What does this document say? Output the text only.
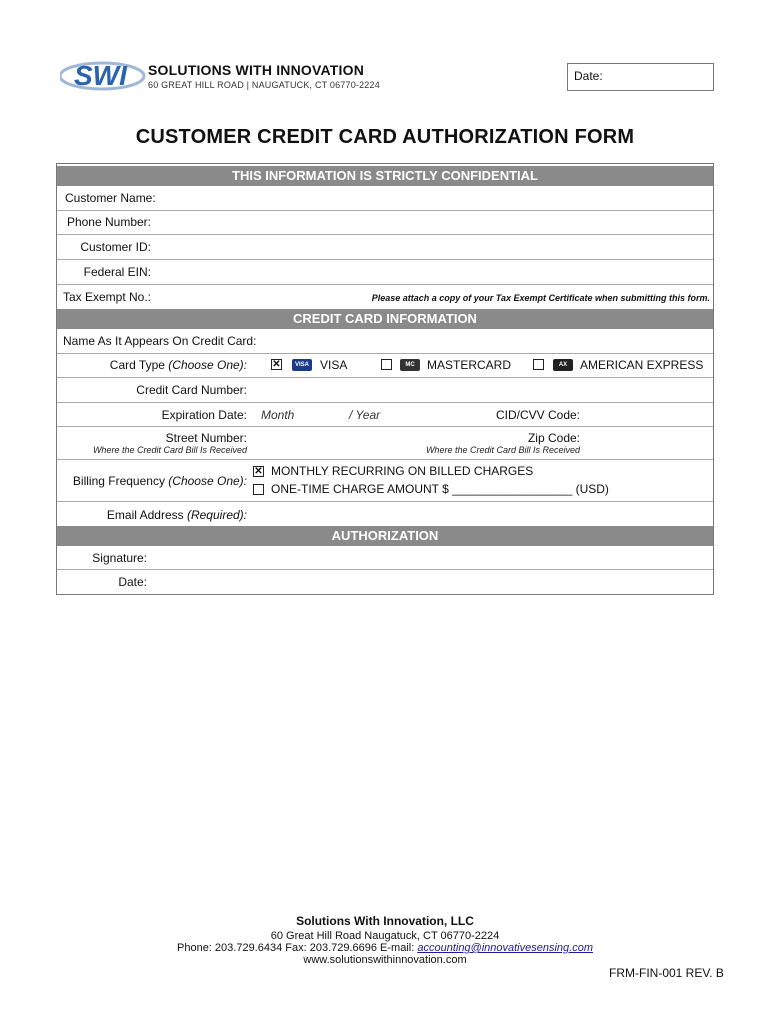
SWI SOLUTIONS WITH INNOVATION
60 GREAT HILL ROAD | NAUGATUCK, CT 06770-2224
Date:
CUSTOMER CREDIT CARD AUTHORIZATION FORM
THIS INFORMATION IS STRICTLY CONFIDENTIAL
Customer Name:
Phone Number:
Customer ID:
Federal EIN:
Tax Exempt No.:	Please attach a copy of your Tax Exempt Certificate when submitting this form.
CREDIT CARD INFORMATION
Name As It Appears On Credit Card:
Card Type (Choose One):	✕	VISA VISA	MC	MASTERCARD	AX	AMERICAN EXPRESS
Credit Card Number:
Expiration Date: Month	/ Year	CID/CVV Code:
Street Number:
Where the Credit Card Bill Is Received
Zip Code:
Where the Credit Card Bill Is Received
Billing Frequency (Choose One):
✕ MONTHLY RECURRING ON BILLED CHARGES
ONE-TIME CHARGE AMOUNT $ __________________ (USD)
Email Address (Required):
AUTHORIZATION
Signature:
Date:
Solutions With Innovation, LLC
60 Great Hill Road Naugatuck, CT 06770-2224
Phone: 203.729.6434 Fax: 203.729.6696 E-mail: accounting@innovativesensing.com
www.solutionswithinnovation.com
FRM-FIN-001 REV. B
